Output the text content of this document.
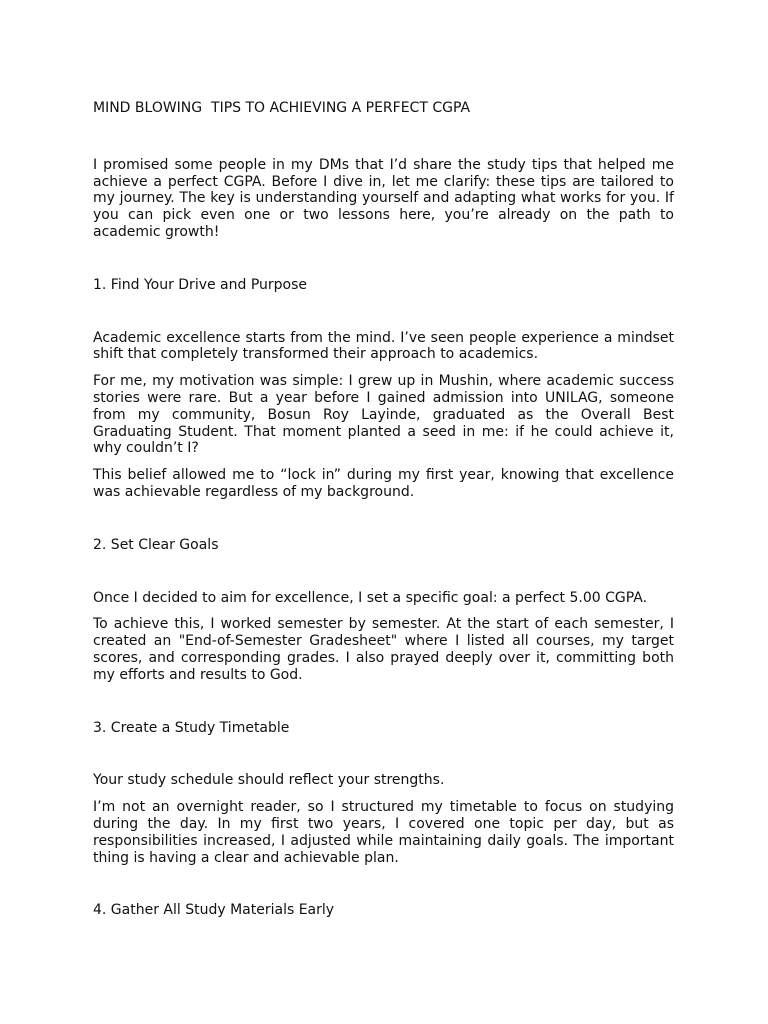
MIND BLOWING  TIPS TO ACHIEVING A PERFECT CGPA

I promised some people in my DMs that I’d share the study tips that helped me achieve a perfect CGPA. Before I dive in, let me clarify: these tips are tailored to my journey. The key is understanding yourself and adapting what works for you. If you can pick even one or two lessons here, you’re already on the path to academic growth!

1. Find Your Drive and Purpose

Academic excellence starts from the mind. I’ve seen people experience a mindset shift that completely transformed their approach to academics.

For me, my motivation was simple: I grew up in Mushin, where academic success stories were rare. But a year before I gained admission into UNILAG, someone from my community, Bosun Roy Layinde, graduated as the Overall Best Graduating Student. That moment planted a seed in me: if he could achieve it, why couldn’t I?

This belief allowed me to “lock in” during my first year, knowing that excellence was achievable regardless of my background.

2. Set Clear Goals

Once I decided to aim for excellence, I set a specific goal: a perfect 5.00 CGPA.

To achieve this, I worked semester by semester. At the start of each semester, I created an "End-of-Semester Gradesheet" where I listed all courses, my target scores, and corresponding grades. I also prayed deeply over it, committing both my efforts and results to God.

3. Create a Study Timetable

Your study schedule should reflect your strengths.

I’m not an overnight reader, so I structured my timetable to focus on studying during the day. In my first two years, I covered one topic per day, but as responsibilities increased, I adjusted while maintaining daily goals. The important thing is having a clear and achievable plan.

4. Gather All Study Materials Early
